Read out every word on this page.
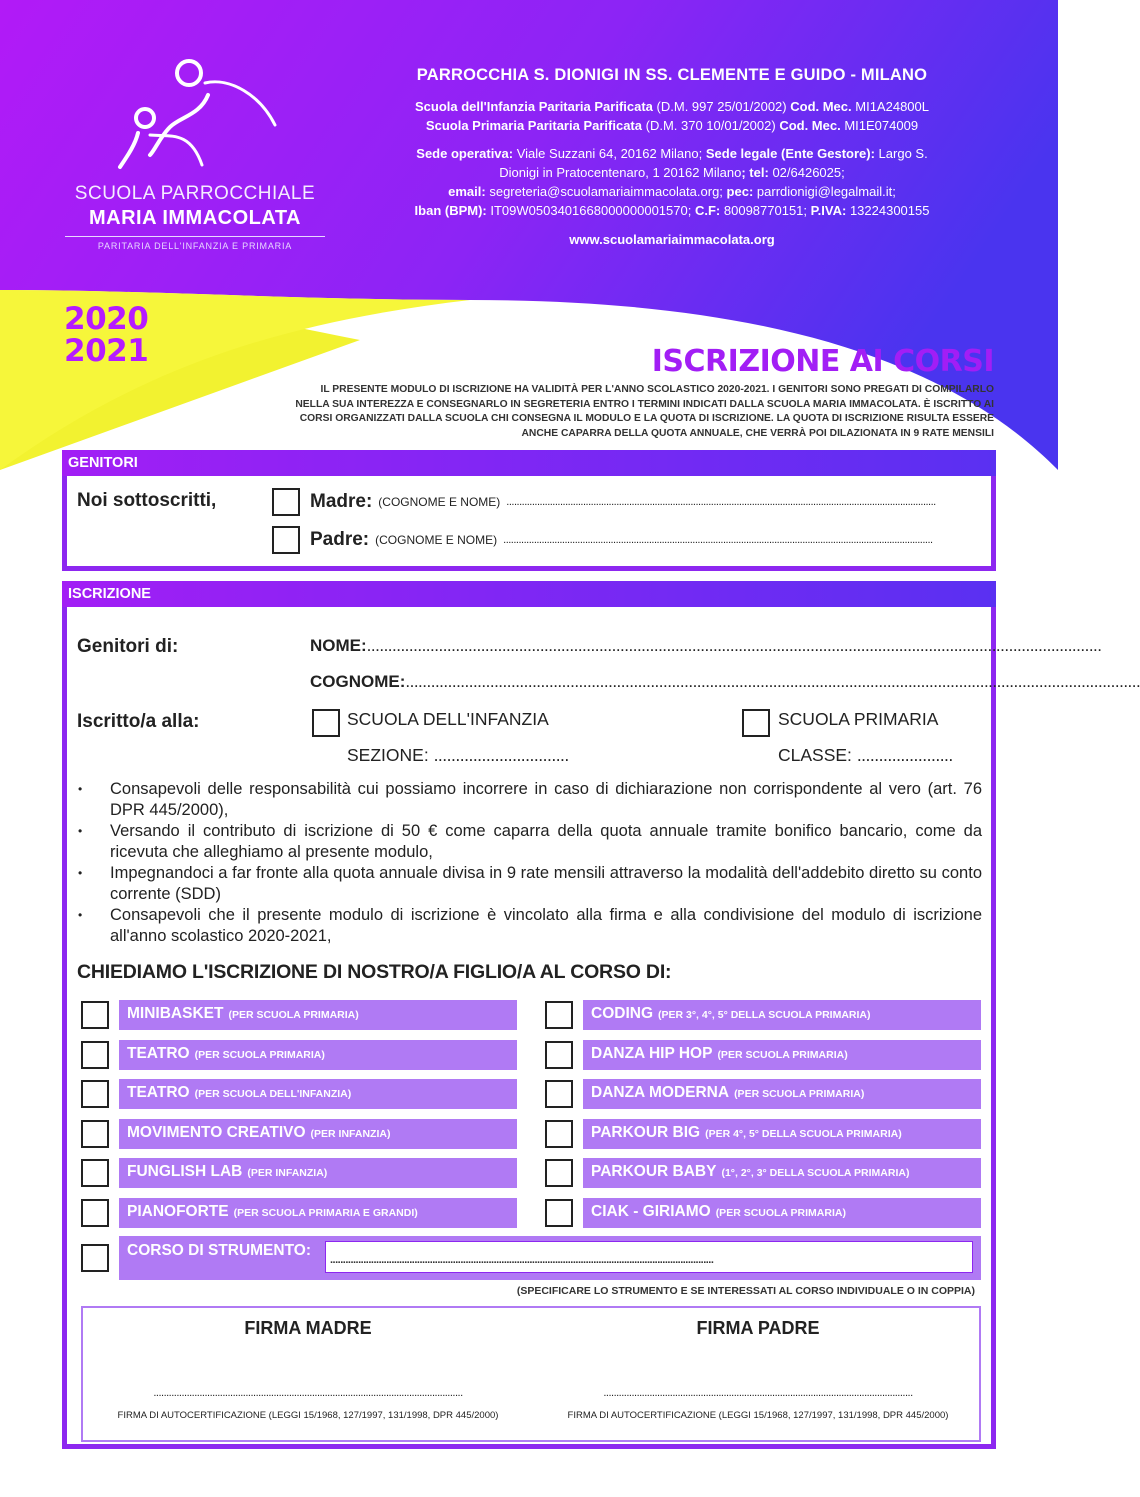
SCUOLA PARROCCHIALE
MARIA IMMACOLATA
PARITARIA DELL'INFANZIA E PRIMARIA
PARROCCHIA S. DIONIGI IN SS. CLEMENTE E GUIDO - MILANO
Scuola dell'Infanzia Paritaria Parificata (D.M. 997 25/01/2002) Cod. Mec. MI1A24800L
Scuola Primaria Paritaria Parificata (D.M. 370 10/01/2002) Cod. Mec. MI1E074009
Sede operativa: Viale Suzzani 64, 20162 Milano; Sede legale (Ente Gestore): Largo S.
Dionigi in Pratocentenaro, 1 20162 Milano; tel: 02/6426025;
email: segreteria@scuolamariaimmacolata.org; pec: parrdionigi@legalmail.it;
Iban (BPM): IT09W0503401668000000001570; C.F: 80098770151; P.IVA: 13224300155
www.scuolamariaimmacolata.org
2020
2021	ISCRIZIONE AI CORSI
IL PRESENTE MODULO DI ISCRIZIONE HA VALIDITÀ PER L'ANNO SCOLASTICO 2020-2021. I GENITORI SONO PREGATI DI COMPILARLO
NELLA SUA INTEREZZA E CONSEGNARLO IN SEGRETERIA ENTRO I TERMINI INDICATI DALLA SCUOLA MARIA IMMACOLATA. È ISCRITTO AI
CORSI ORGANIZZATI DALLA SCUOLA CHI CONSEGNA IL MODULO E LA QUOTA DI ISCRIZIONE. LA QUOTA DI ISCRIZIONE RISULTA ESSERE
ANCHE CAPARRA DELLA QUOTA ANNUALE, CHE VERRÀ POI DILAZIONATA IN 9 RATE MENSILI
GENITORI
Noi sottoscritti,	Madre: (COGNOME E NOME) ........................................................................................................................................................................
Padre: (COGNOME E NOME) ........................................................................................................................................................................
ISCRIZIONE
Genitori di:	NOME:..............................................................................................................................................................................
COGNOME:..............................................................................................................................................................................
Iscritto/a alla:	SCUOLA DELL'INFANZIA
SEZIONE: ...............................
SCUOLA PRIMARIA
CLASSE: ......................
• Consapevoli delle responsabilità cui possiamo incorrere in caso di dichiarazione non corrispondente al vero (art. 76 DPR 445/2000),
• Versando il contributo di iscrizione di 50 € come caparra della quota annuale tramite bonifico bancario, come da ricevuta che alleghiamo al presente modulo,
• Impegnandoci a far fronte alla quota annuale divisa in 9 rate mensili attraverso la modalità dell'addebito diretto su conto corrente (SDD)
• Consapevoli che il presente modulo di iscrizione è vincolato alla firma e alla condivisione del modulo di iscrizione all'anno scolastico 2020-2021,
CHIEDIAMO L'ISCRIZIONE DI NOSTRO/A FIGLIO/A AL CORSO DI:
MINIBASKET (PER SCUOLA PRIMARIA)
TEATRO (PER SCUOLA PRIMARIA)
TEATRO (PER SCUOLA DELL'INFANZIA)
MOVIMENTO CREATIVO (PER INFANZIA)
FUNGLISH LAB (PER INFANZIA)
PIANOFORTE (PER SCUOLA PRIMARIA E GRANDI)
CODING (PER 3°, 4°, 5° DELLA SCUOLA PRIMARIA)
DANZA HIP HOP (PER SCUOLA PRIMARIA)
DANZA MODERNA (PER SCUOLA PRIMARIA)
PARKOUR BIG (PER 4°, 5° DELLA SCUOLA PRIMARIA)
PARKOUR BABY (1°, 2°, 3° DELLA SCUOLA PRIMARIA)
CIAK - GIRIAMO (PER SCUOLA PRIMARIA)
CORSO DI STRUMENTO:
......................................................................................................................................................
(SPECIFICARE LO STRUMENTO E SE INTERESSATI AL CORSO INDIVIDUALE O IN COPPIA)
FIRMA MADRE
.........................................................................................................................
FIRMA DI AUTOCERTIFICAZIONE (LEGGI 15/1968, 127/1997, 131/1998, DPR 445/2000)
FIRMA PADRE
.........................................................................................................................
FIRMA DI AUTOCERTIFICAZIONE (LEGGI 15/1968, 127/1997, 131/1998, DPR 445/2000)
